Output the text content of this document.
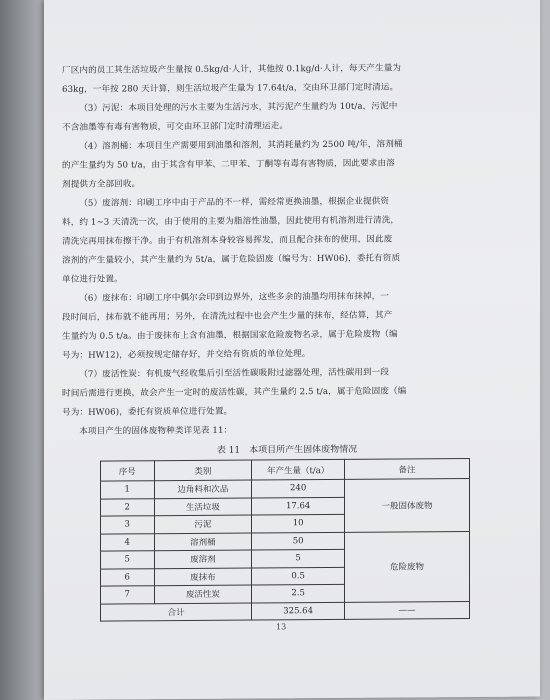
厂区内的员工其生活垃圾产生量按 0.5kg/d·人计，其他按 0.1kg/d·人计，每天产生量为

63kg，一年按 280 天计算，则生活垃圾产生量为 17.64t/a，交由环卫部门定时清运。

（3）污泥：本项目处理的污水主要为生活污水，其污泥产生量约为 10t/a，污泥中

不含油墨等有毒有害物质，可交由环卫部门定时清理运走。

（4）溶剂桶：本项目生产需要用到油墨和溶剂，其消耗量约为 2500 吨/年，溶剂桶

的产生量约为 50 t/a，由于其含有甲苯、二甲苯、丁酮等有毒有害物质，因此要求由溶

剂提供方全部回收。

（5）废溶剂：印刷工序中由于产品的不一样，需经常更换油墨，根据企业提供资

料，约 1~3 天清洗一次，由于使用的主要为脂溶性油墨，因此使用有机溶剂进行清洗，

清洗完再用抹布擦干净。由于有机溶剂本身较容易挥发，而且配合抹布的使用，因此废

溶剂的产生量较小，其产生量约为 5t/a，属于危险固废（编号为：HW06)，委托有资质

单位进行处置。

（6）废抹布：印刷工序中偶尔会印到边界外，这些多余的油墨均用抹布抹掉，一

段时间后，抹布就不能再用；另外，在清洗过程中也会产生少量的抹布，经估算，其产

生量约为 0.5 t/a。由于废抹布上含有油墨，根据国家危险废物名录，属于危险废物（编

号为：HW12)，必须按规定储存好，并交给有资质的单位处理。

（7）废活性炭：有机废气经收集后引至活性碳吸附过滤器处理，活性碳用到一段

时间后需进行更换，故会产生一定时的废活性碳，其产生量约 2.5 t/a，属于危险固废（编

号为：HW06)，委托有资质单位进行处置。

本项目产生的固体废物种类详见表 11：

表 11　本项目所产生固体废物情况
序号	类别	年产生量（t/a）	备注
1	边角料和次品	240	一般固体废物
2	生活垃圾	17.64	
3	污泥	10	
4	溶剂桶	50	危险废物
5	废溶剂	5	
6	废抹布	0.5	
7	废活性炭	2.5	
合计		325.64	——
13
